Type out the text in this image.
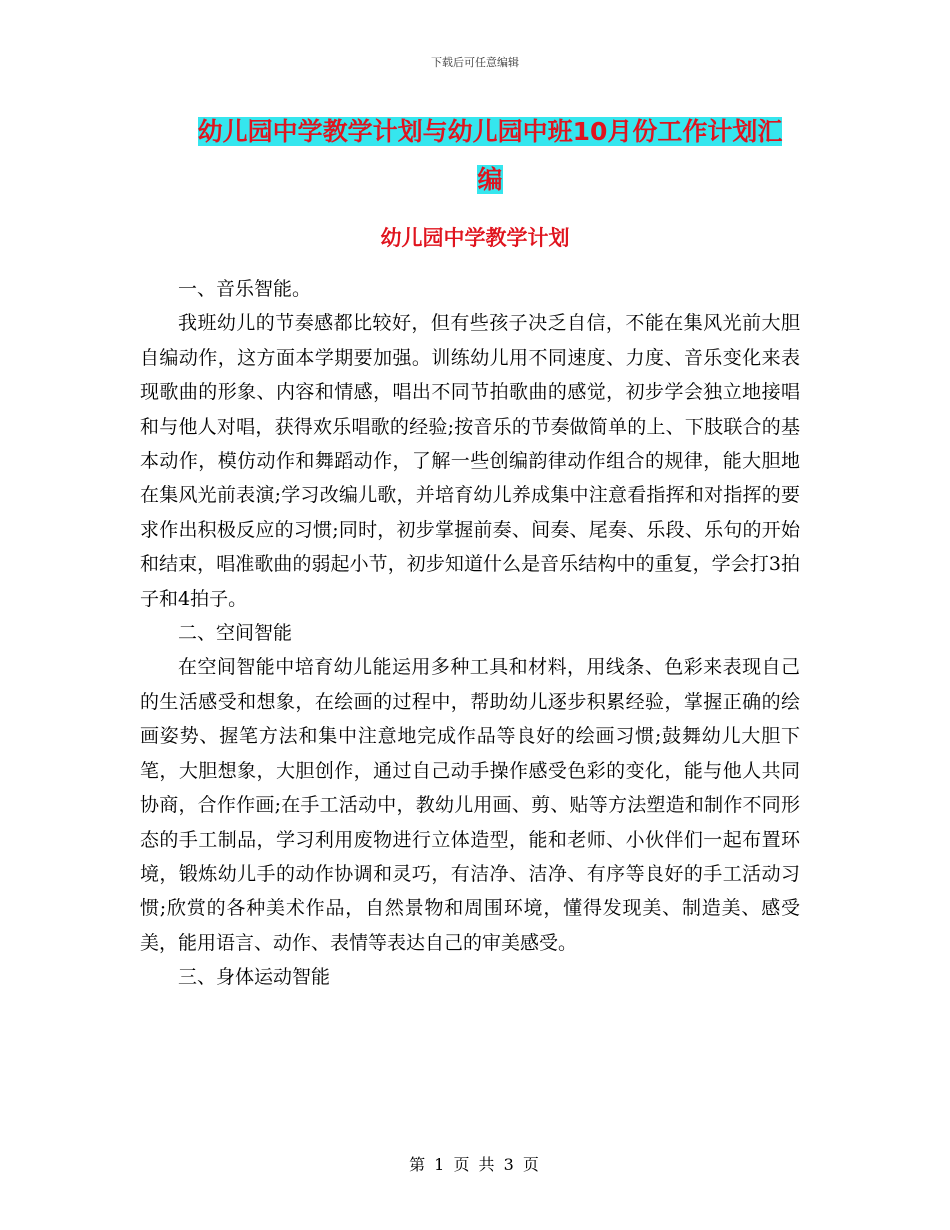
下载后可任意编辑
幼儿园中学教学计划与幼儿园中班10月份工作计划汇
编
幼儿园中学教学计划

一、音乐智能。

我班幼儿的节奏感都比较好，但有些孩子决乏自信，不能在集风光前大胆自编动作，这方面本学期要加强。训练幼儿用不同速度、力度、音乐变化来表现歌曲的形象、内容和情感，唱出不同节拍歌曲的感觉，初步学会独立地接唱和与他人对唱，获得欢乐唱歌的经验;按音乐的节奏做简单的上、下肢联合的基本动作，模仿动作和舞蹈动作，了解一些创编韵律动作组合的规律，能大胆地在集风光前表演;学习改编儿歌，并培育幼儿养成集中注意看指挥和对指挥的要求作出积极反应的习惯;同时，初步掌握前奏、间奏、尾奏、乐段、乐句的开始和结束，唱准歌曲的弱起小节，初步知道什么是音乐结构中的重复，学会打3拍子和4拍子。

二、空间智能

在空间智能中培育幼儿能运用多种工具和材料，用线条、色彩来表现自己的生活感受和想象，在绘画的过程中，帮助幼儿逐步积累经验，掌握正确的绘画姿势、握笔方法和集中注意地完成作品等良好的绘画习惯;鼓舞幼儿大胆下笔，大胆想象，大胆创作，通过自己动手操作感受色彩的变化，能与他人共同协商，合作作画;在手工活动中，教幼儿用画、剪、贴等方法塑造和制作不同形态的手工制品，学习利用废物进行立体造型，能和老师、小伙伴们一起布置环境，锻炼幼儿手的动作协调和灵巧，有洁净、洁净、有序等良好的手工活动习惯;欣赏的各种美术作品，自然景物和周围环境，懂得发现美、制造美、感受美，能用语言、动作、表情等表达自己的审美感受。

三、身体运动智能

第 1 页 共 3 页
